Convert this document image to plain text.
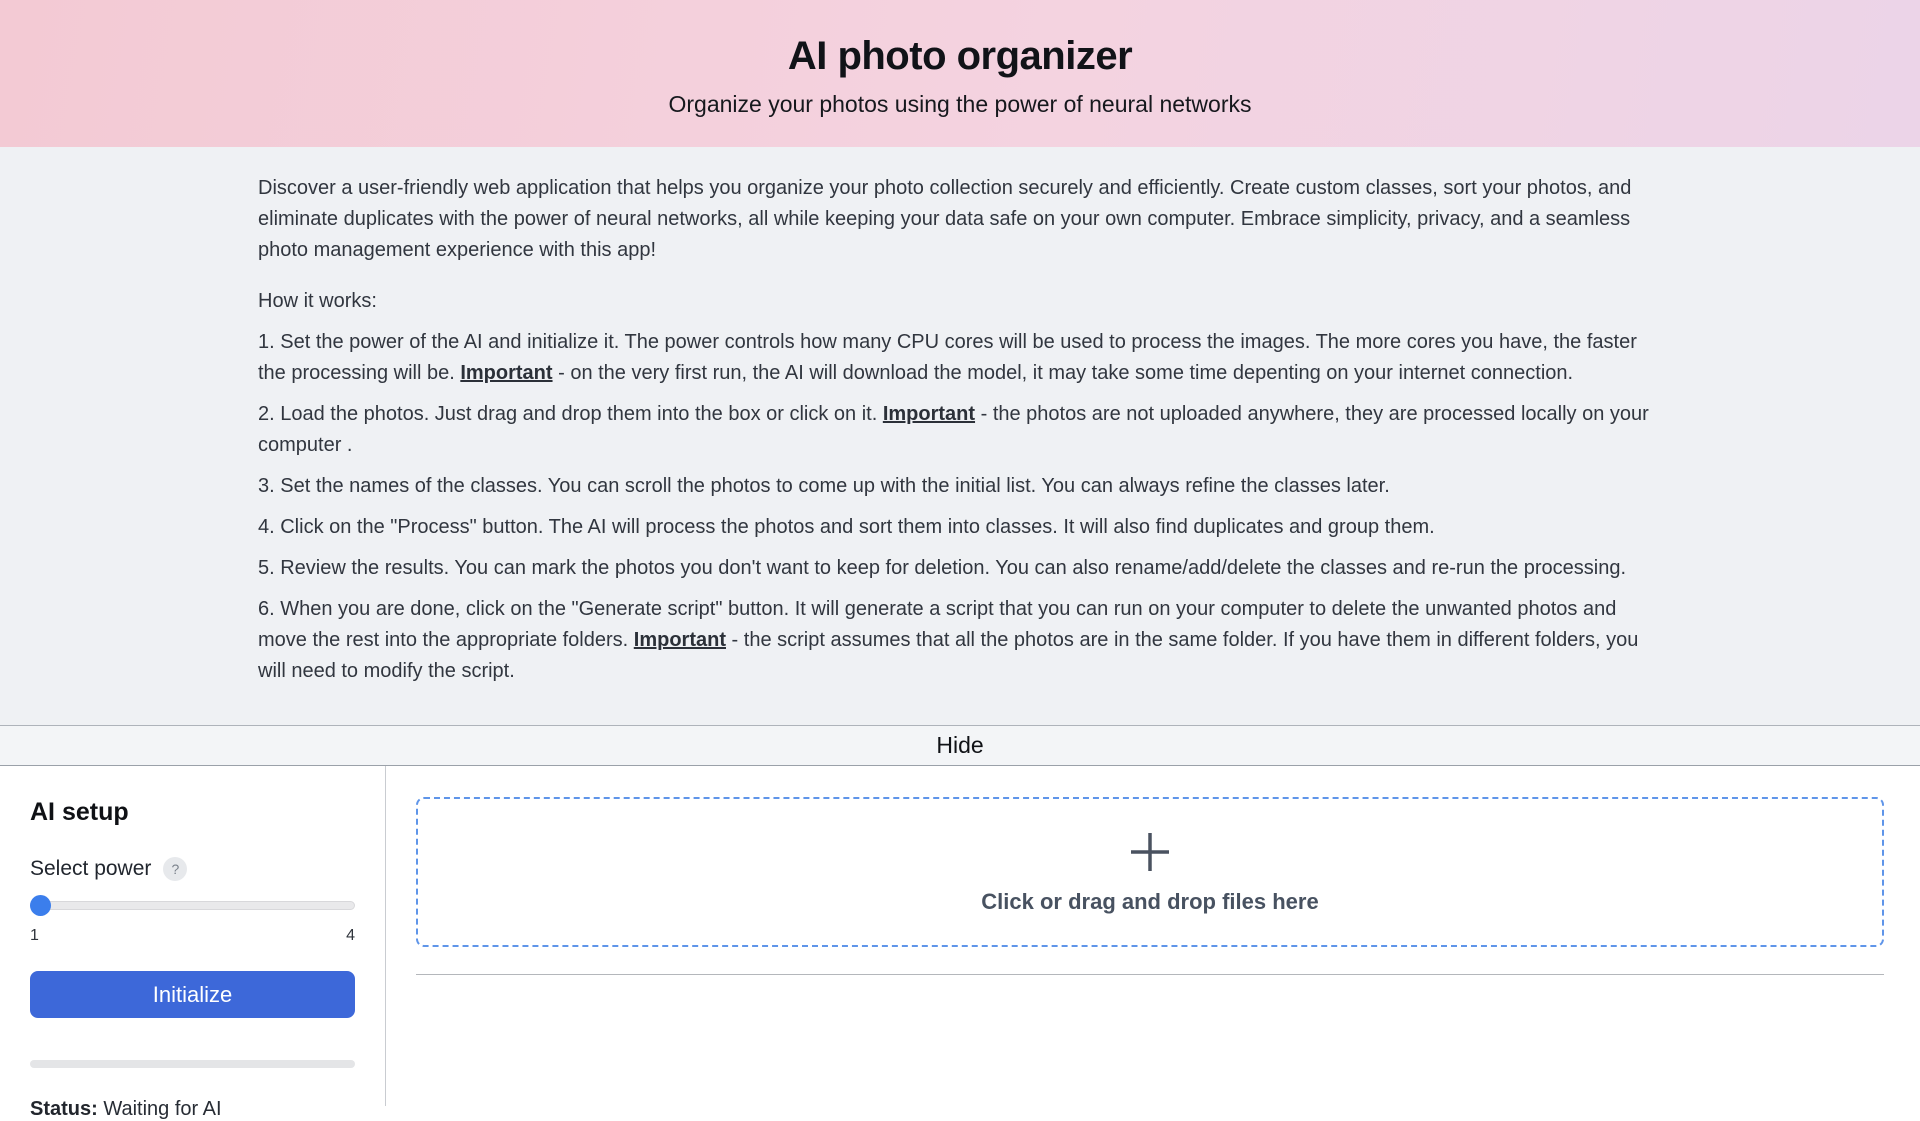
AI photo organizer
Organize your photos using the power of neural networks

Discover a user-friendly web application that helps you organize your photo collection securely and efficiently. Create custom classes, sort your photos, and eliminate duplicates with the power of neural networks, all while keeping your data safe on your own computer. Embrace simplicity, privacy, and a seamless photo management experience with this app!

How it works:

1. Set the power of the AI and initialize it. The power controls how many CPU cores will be used to process the images. The more cores you have, the faster the processing will be. Important - on the very first run, the AI will download the model, it may take some time depenting on your internet connection.

2. Load the photos. Just drag and drop them into the box or click on it. Important - the photos are not uploaded anywhere, they are processed locally on your computer .

3. Set the names of the classes. You can scroll the photos to come up with the initial list. You can always refine the classes later.

4. Click on the "Process" button. The AI will process the photos and sort them into classes. It will also find duplicates and group them.

5. Review the results. You can mark the photos you don't want to keep for deletion. You can also rename/add/delete the classes and re-run the processing.

6. When you are done, click on the "Generate script" button. It will generate a script that you can run on your computer to delete the unwanted photos and move the rest into the appropriate folders. Important - the script assumes that all the photos are in the same folder. If you have them in different folders, you will need to modify the script.

Hide
AI setup
Select power	?
1	4
Initialize
Status: Waiting for AI
Click or drag and drop files here
